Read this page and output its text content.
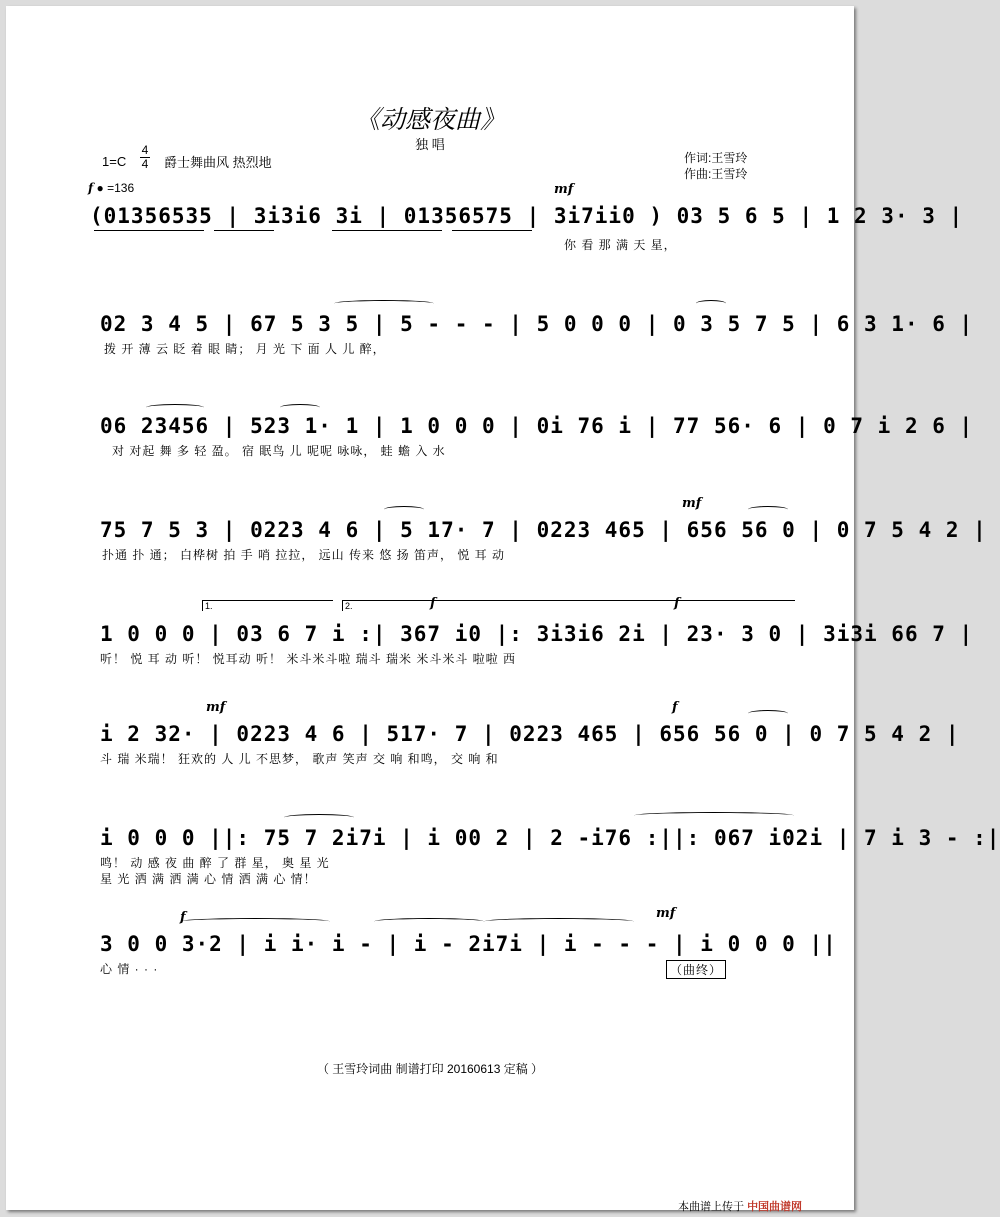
《动感夜曲》
独 唱
1=C
4
4 爵士舞曲风 热烈地	作词:王雪玲
作曲:王雪玲
f ● =136
(01356535 | 3i3i6 3i | 01356575 | 3i7ii0 ) 03 5 6 5 | 1 2 3· 3 |
你 看 那 满 天 星，
mf
02 3 4 5 | 67 5 3 5 | 5 - - - | 5 0 0 0 | 0 3 5 7 5 | 6 3 1· 6 |
拨 开 薄 云 眨 着 眼 睛； 月 光 下 面 人 儿 醉，
06 23456 | 523 1· 1 | 1 0 0 0 | 0i 76 i | 77 56· 6 | 0 7 i 2 6 |
对 对起 舞 多 轻 盈。 宿 眠鸟 儿 呢呢 咏咏， 蛙 蟾 入 水
75 7 5 3 | 0223 4 6 | 5 17· 7 | 0223 465 | 656 56 0 | 0 7 5 4 2 |
扑通 扑 通； 白桦树 拍 手 哨 拉拉， 远山 传来 悠 扬 笛声， 悦 耳 动
mf
1.	2.
1 0 0 0 | 03 6 7 i :| 367 i0 |: 3i3i6 2i | 23· 3 0 | 3i3i 66 7 |
听！ 悦 耳 动 听！ 悦耳动 听！ 米斗米斗啦 瑞斗 瑞米 米斗米斗 啦啦 西
f	f
i 2 32· | 0223 4 6 | 517· 7 | 0223 465 | 656 56 0 | 0 7 5 4 2 |
斗 瑞 米瑞！ 狂欢的 人 儿 不思梦， 歌声 笑声 交 响 和鸣， 交 响 和
mf	f
i 0 0 0 ||: 75 7 2i7i | i 00 2 | 2 -i76 :||: 067 i02i | 7 i 3 - :|
鸣！ 动 感 夜 曲 醉 了 群 星， 奥 星 光
星 光 洒 满 洒 满 心 情 洒 满 心 情！
3 0 0 3·2 | i i· i - | i - 2i7i | i - - - | i 0 0 0 ||
心 情 · · ·	（曲终）
f	mf
（ 王雪玲词曲 制谱打印 20160613 定稿 ）
本曲谱上传于 中国曲谱网
